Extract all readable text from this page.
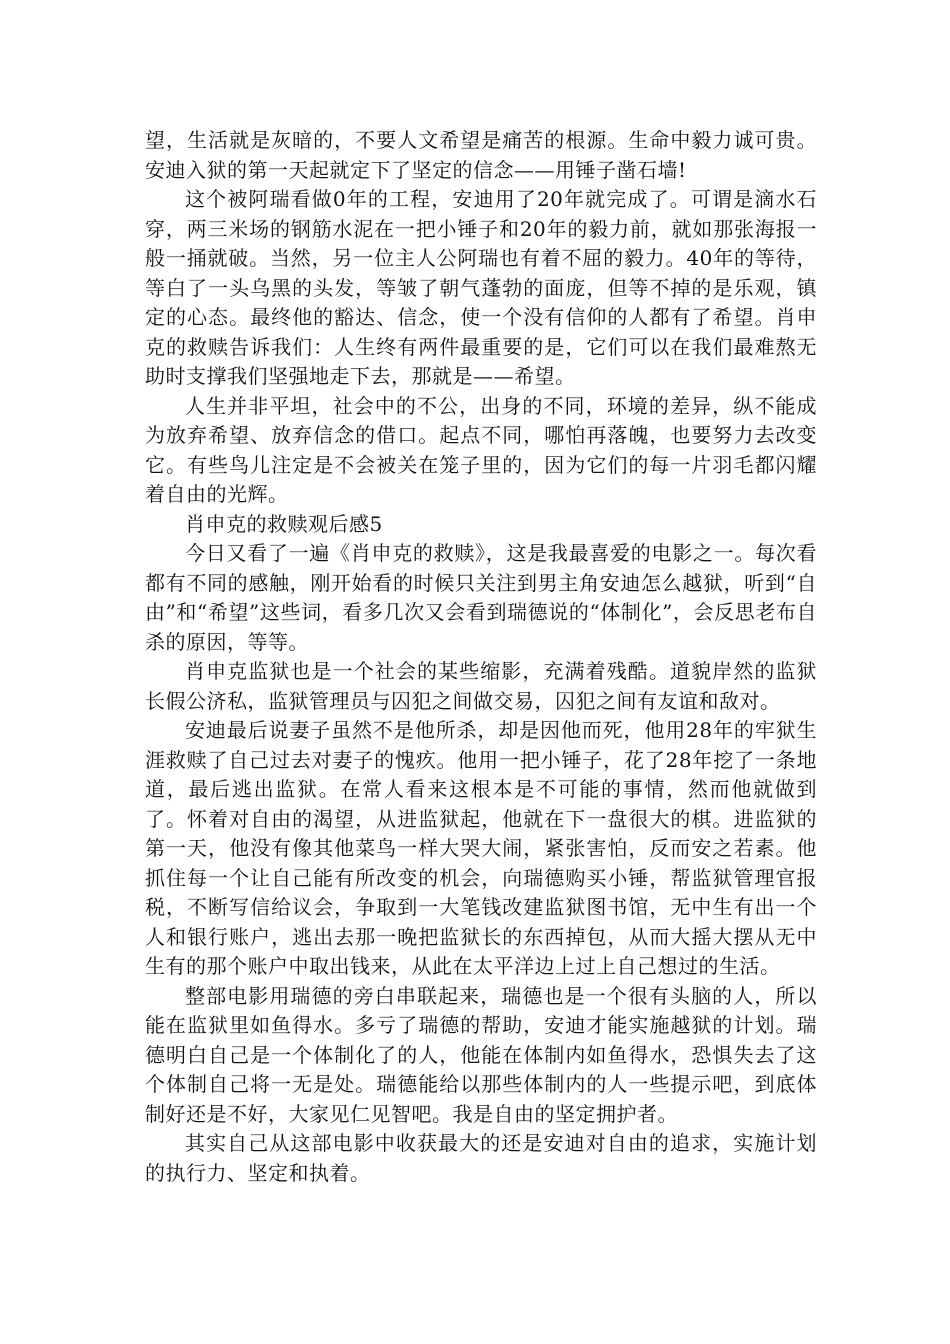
望，生活就是灰暗的，不要人文希望是痛苦的根源。生命中毅力诚可贵。安迪入狱的第一天起就定下了坚定的信念——用锤子凿石墙!

这个被阿瑞看做0年的工程，安迪用了20年就完成了。可谓是滴水石穿，两三米场的钢筋水泥在一把小锤子和20年的毅力前，就如那张海报一般一捅就破。当然，另一位主人公阿瑞也有着不屈的毅力。40年的等待，等白了一头乌黑的头发，等皱了朝气蓬勃的面庞，但等不掉的是乐观，镇定的心态。最终他的豁达、信念，使一个没有信仰的人都有了希望。肖申克的救赎告诉我们：人生终有两件最重要的是，它们可以在我们最难熬无助时支撑我们坚强地走下去，那就是——希望。

人生并非平坦，社会中的不公，出身的不同，环境的差异，纵不能成为放弃希望、放弃信念的借口。起点不同，哪怕再落魄，也要努力去改变它。有些鸟儿注定是不会被关在笼子里的，因为它们的每一片羽毛都闪耀着自由的光辉。

肖申克的救赎观后感5

今日又看了一遍《肖申克的救赎》，这是我最喜爱的电影之一。每次看都有不同的感触，刚开始看的时候只关注到男主角安迪怎么越狱，听到“自由”和“希望”这些词，看多几次又会看到瑞德说的“体制化”，会反思老布自杀的原因，等等。

肖申克监狱也是一个社会的某些缩影，充满着残酷。道貌岸然的监狱长假公济私，监狱管理员与囚犯之间做交易，囚犯之间有友谊和敌对。

安迪最后说妻子虽然不是他所杀，却是因他而死，他用28年的牢狱生涯救赎了自己过去对妻子的愧疚。他用一把小锤子，花了28年挖了一条地道，最后逃出监狱。在常人看来这根本是不可能的事情，然而他就做到了。怀着对自由的渴望，从进监狱起，他就在下一盘很大的棋。进监狱的第一天，他没有像其他菜鸟一样大哭大闹，紧张害怕，反而安之若素。他抓住每一个让自己能有所改变的机会，向瑞德购买小锤，帮监狱管理官报税，不断写信给议会，争取到一大笔钱改建监狱图书馆，无中生有出一个人和银行账户，逃出去那一晚把监狱长的东西掉包，从而大摇大摆从无中生有的那个账户中取出钱来，从此在太平洋边上过上自己想过的生活。

整部电影用瑞德的旁白串联起来，瑞德也是一个很有头脑的人，所以能在监狱里如鱼得水。多亏了瑞德的帮助，安迪才能实施越狱的计划。瑞德明白自己是一个体制化了的人，他能在体制内如鱼得水，恐惧失去了这个体制自己将一无是处。瑞德能给以那些体制内的人一些提示吧，到底体制好还是不好，大家见仁见智吧。我是自由的坚定拥护者。

其实自己从这部电影中收获最大的还是安迪对自由的追求，实施计划的执行力、坚定和执着。
